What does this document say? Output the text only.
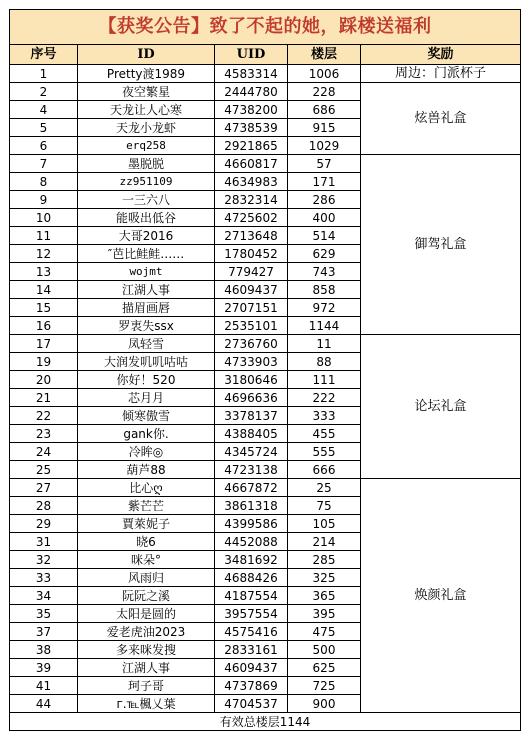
【获奖公告】致了不起的她，踩楼送福利				
序号	ID	UID	楼层	奖励
1	Pretty渡1989	4583314	1006	周边：门派杯子
2	夜空繁星	2444780	228	炫兽礼盒
4	天龙让人心寒	4738200	686	
5	天龙小龙虾	4738539	915	
6	erq258	2921865	1029	
7	墨脱脱	4660817	57	御驾礼盒
8	zz951109	4634983	171	
9	一三六八	2832314	286	
10	能吸出低谷	4725602	400	
11	大哥2016	2713648	514	
12	″芭比鲑鲑……	1780452	629	
13	wojmt	779427	743	
14	江湖人事	4609437	858	
15	描眉画唇	2707151	972	
16	罗衷失ssx	2535101	1144	
17	凤轻雪	2736760	11	论坛礼盒
19	大润发叽叽咕咕	4733903	88	
20	你好！520	3180646	111	
21	芯月月	4696636	222	
22	倾寒傲雪	3378137	333	
23	gank你.	4388405	455	
24	冷眸◎	4345724	555	
25	葫芦88	4723138	666	
27	比心ღ	4667872	25	焕颜礼盒
28	紫芒芒	3861318	75	
29	賈萊妮子	4399586	105	
31	晓6	4452088	214	
32	咪朵°	3481692	285	
33	风雨归	4688426	325	
34	阮阮之溪	4187554	365	
35	太阳是圆的	3957554	395	
37	爱老虎油2023	4575416	475	
38	多来咪发搜	2833161	500	
39	江湖人事	4609437	625	
41	珂子哥	4737869	725	
44	г.℡楓乂葉	4704537	900	
有效总楼层1144				
